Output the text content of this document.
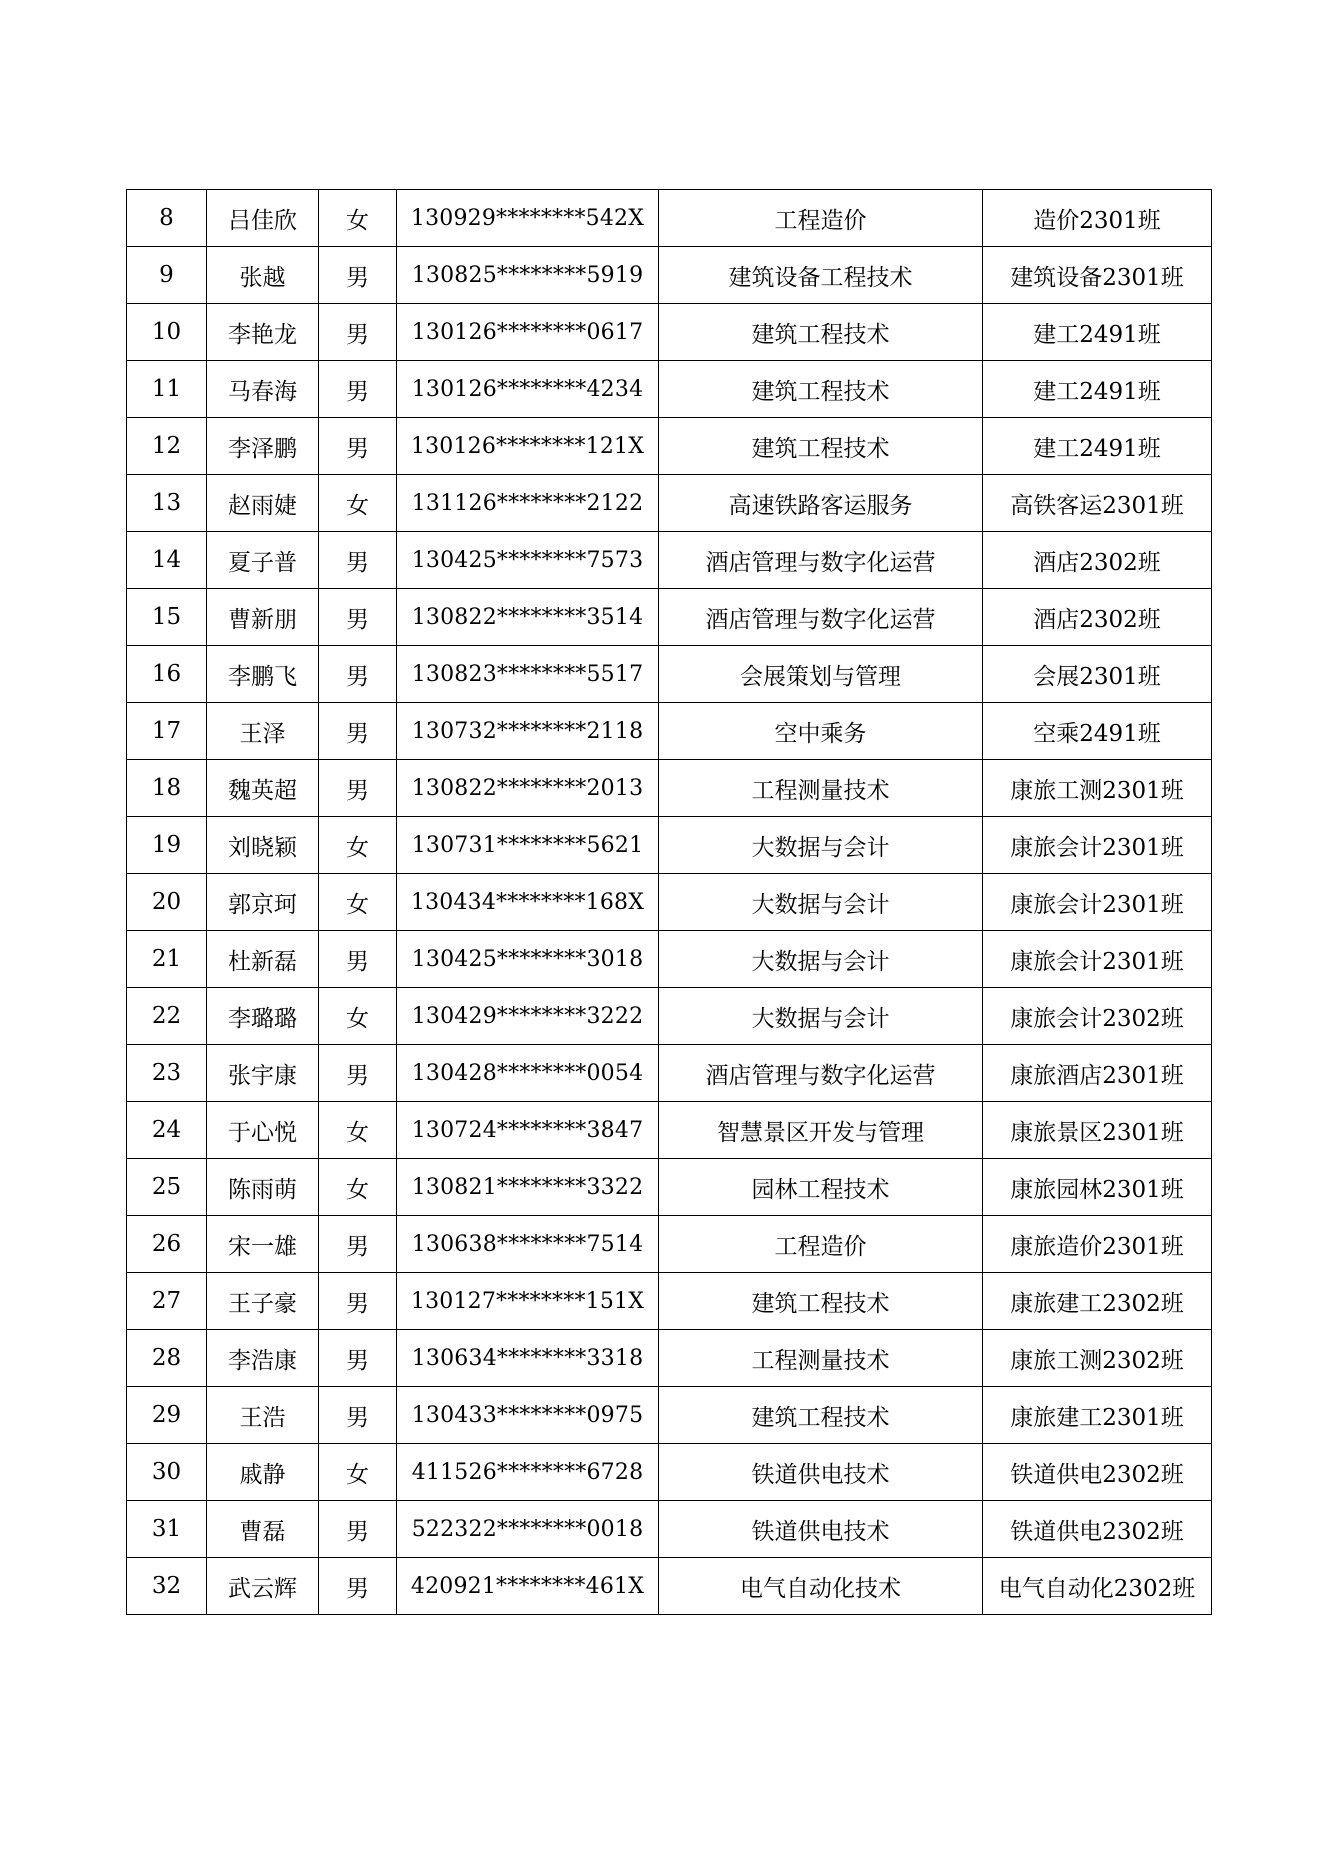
8	吕佳欣	女	130929********542X	工程造价	造价2301班
9	张越	男	130825********5919	建筑设备工程技术	建筑设备2301班
10	李艳龙	男	130126********0617	建筑工程技术	建工2491班
11	马春海	男	130126********4234	建筑工程技术	建工2491班
12	李泽鹏	男	130126********121X	建筑工程技术	建工2491班
13	赵雨婕	女	131126********2122	高速铁路客运服务	高铁客运2301班
14	夏子普	男	130425********7573	酒店管理与数字化运营	酒店2302班
15	曹新朋	男	130822********3514	酒店管理与数字化运营	酒店2302班
16	李鹏飞	男	130823********5517	会展策划与管理	会展2301班
17	王泽	男	130732********2118	空中乘务	空乘2491班
18	魏英超	男	130822********2013	工程测量技术	康旅工测2301班
19	刘晓颖	女	130731********5621	大数据与会计	康旅会计2301班
20	郭京珂	女	130434********168X	大数据与会计	康旅会计2301班
21	杜新磊	男	130425********3018	大数据与会计	康旅会计2301班
22	李璐璐	女	130429********3222	大数据与会计	康旅会计2302班
23	张宇康	男	130428********0054	酒店管理与数字化运营	康旅酒店2301班
24	于心悦	女	130724********3847	智慧景区开发与管理	康旅景区2301班
25	陈雨萌	女	130821********3322	园林工程技术	康旅园林2301班
26	宋一雄	男	130638********7514	工程造价	康旅造价2301班
27	王子豪	男	130127********151X	建筑工程技术	康旅建工2302班
28	李浩康	男	130634********3318	工程测量技术	康旅工测2302班
29	王浩	男	130433********0975	建筑工程技术	康旅建工2301班
30	戚静	女	411526********6728	铁道供电技术	铁道供电2302班
31	曹磊	男	522322********0018	铁道供电技术	铁道供电2302班
32	武云辉	男	420921********461X	电气自动化技术	电气自动化2302班
